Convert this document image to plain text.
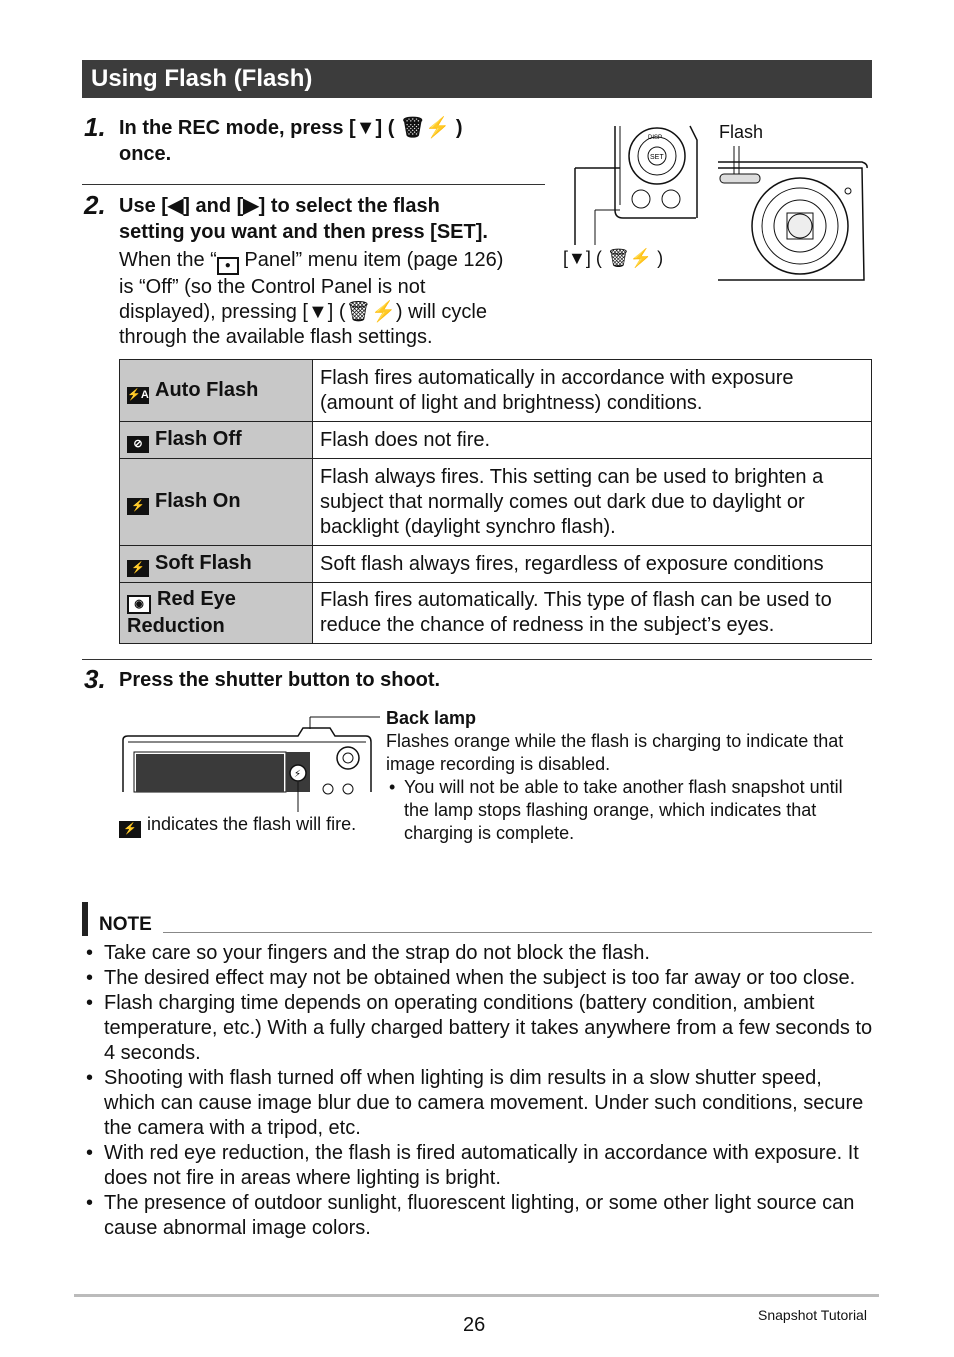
Using Flash (Flash)
1. In the REC mode, press [▼] ( 🗑⚡ )
once.
2. Use [◀] and [▶] to select the flash
setting you want and then press [SET].
When the “ ● Panel” menu item (page 126)
is “Off” (so the Control Panel is not
displayed), pressing [▼] (🗑⚡) will cycle
through the available flash settings.
SET
DISP
[▼] ( 🗑⚡ )
Flash
⚡A Auto Flash	Flash fires automatically in accordance with exposure (amount of light and brightness) conditions.
⊘ Flash Off	Flash does not fire.
⚡ Flash On	Flash always fires. This setting can be used to brighten a subject that normally comes out dark due to daylight or backlight (daylight synchro flash).
⚡ Soft Flash	Soft flash always fires, regardless of exposure conditions
◉ Red Eye Reduction	Flash fires automatically. This type of flash can be used to reduce the chance of redness in the subject’s eyes.
3. Press the shutter button to shoot.
⚡
⚡ indicates the flash will fire.
Back lamp
Flashes orange while the flash is charging to indicate that image recording is disabled.
• You will not be able to take another flash snapshot until the lamp stops flashing orange, which indicates that charging is complete.
NOTE
• Take care so your fingers and the strap do not block the flash.
• The desired effect may not be obtained when the subject is too far away or too close.
• Flash charging time depends on operating conditions (battery condition, ambient temperature, etc.) With a fully charged battery it takes anywhere from a few seconds to 4 seconds.
• Shooting with flash turned off when lighting is dim results in a slow shutter speed, which can cause image blur due to camera movement. Under such conditions, secure the camera with a tripod, etc.
• With red eye reduction, the flash is fired automatically in accordance with exposure. It does not fire in areas where lighting is bright.
• The presence of outdoor sunlight, fluorescent lighting, or some other light source can cause abnormal image colors.
26	Snapshot Tutorial
